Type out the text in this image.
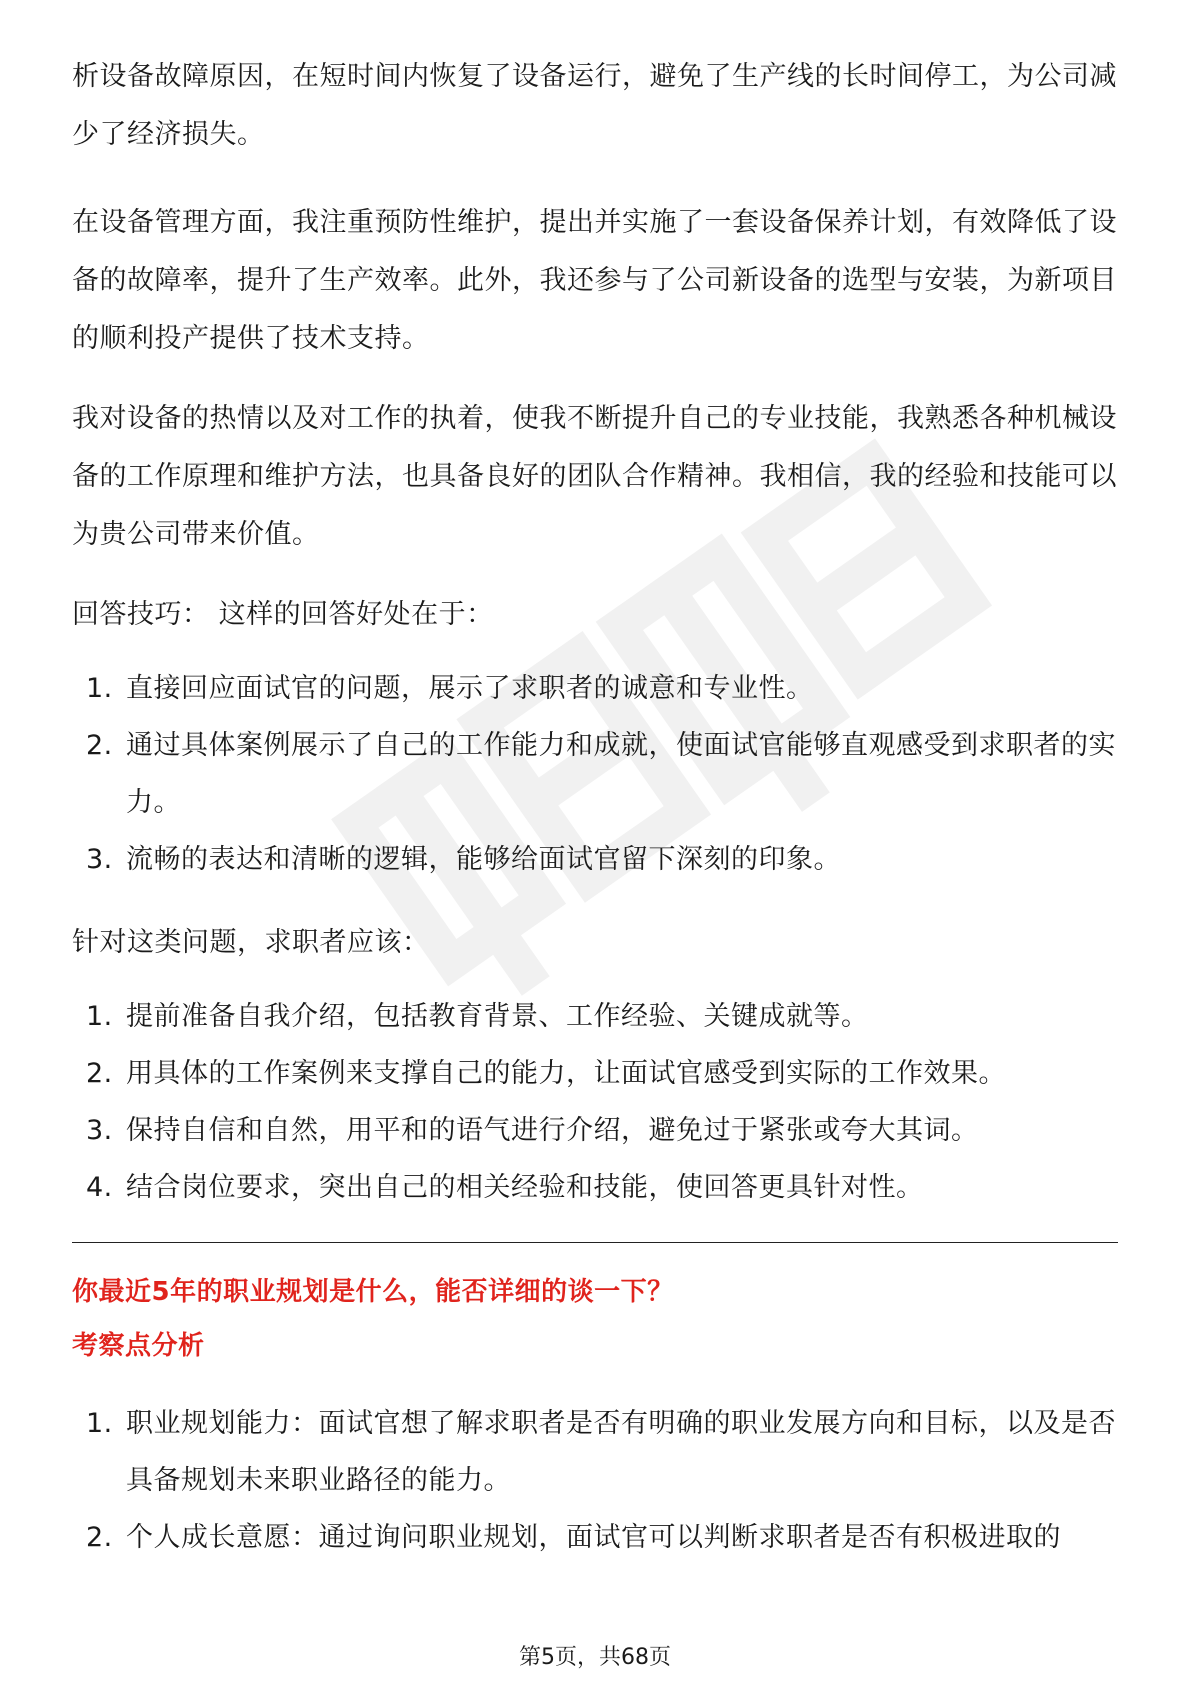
析设备故障原因，在短时间内恢复了设备运行，避免了生产线的长时间停工，为公司减少了经济损失。

在设备管理方面，我注重预防性维护，提出并实施了一套设备保养计划，有效降低了设备的故障率，提升了生产效率。此外，我还参与了公司新设备的选型与安装，为新项目的顺利投产提供了技术支持。

我对设备的热情以及对工作的执着，使我不断提升自己的专业技能，我熟悉各种机械设备的工作原理和维护方法，也具备良好的团队合作精神。我相信，我的经验和技能可以为贵公司带来价值。

回答技巧： 这样的回答好处在于：

1. 直接回应面试官的问题，展示了求职者的诚意和专业性。
2. 通过具体案例展示了自己的工作能力和成就，使面试官能够直观感受到求职者的实力。
3. 流畅的表达和清晰的逻辑，能够给面试官留下深刻的印象。

针对这类问题，求职者应该：

1. 提前准备自我介绍，包括教育背景、工作经验、关键成就等。
2. 用具体的工作案例来支撑自己的能力，让面试官感受到实际的工作效果。
3. 保持自信和自然，用平和的语气进行介绍，避免过于紧张或夸大其词。
4. 结合岗位要求，突出自己的相关经验和技能，使回答更具针对性。

你最近5年的职业规划是什么，能否详细的谈一下？

考察点分析

1. 职业规划能力：面试官想了解求职者是否有明确的职业发展方向和目标，以及是否具备规划未来职业路径的能力。
2. 个人成长意愿：通过询问职业规划，面试官可以判断求职者是否有积极进取的
第5页，共68页
